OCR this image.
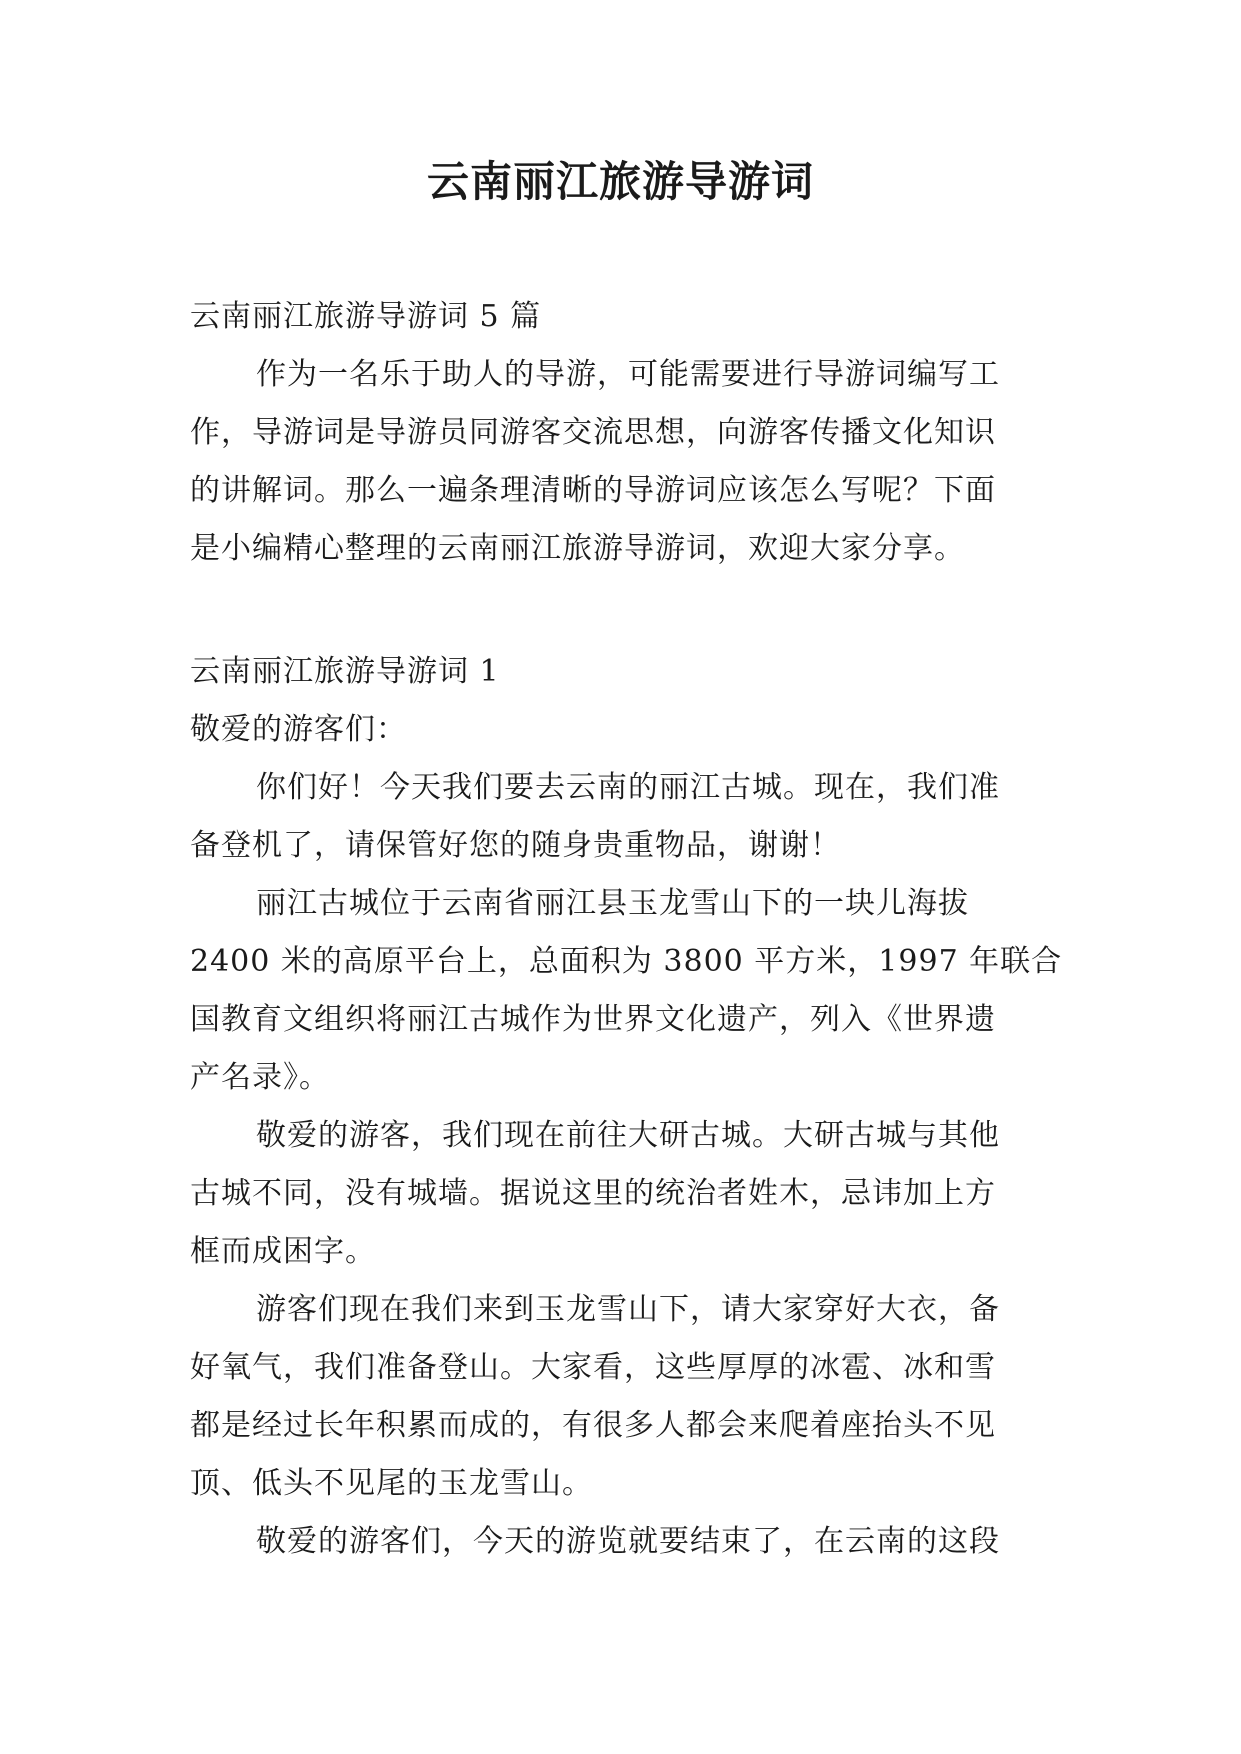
云南丽江旅游导游词
云南丽江旅游导游词 5 篇
作为一名乐于助人的导游，可能需要进行导游词编写工
作，导游词是导游员同游客交流思想，向游客传播文化知识
的讲解词。那么一遍条理清晰的导游词应该怎么写呢？下面
是小编精心整理的云南丽江旅游导游词，欢迎大家分享。
云南丽江旅游导游词 1
敬爱的游客们：
你们好！今天我们要去云南的丽江古城。现在，我们准
备登机了，请保管好您的随身贵重物品，谢谢！
丽江古城位于云南省丽江县玉龙雪山下的一块儿海拔
2400 米的高原平台上，总面积为 3800 平方米，1997 年联合
国教育文组织将丽江古城作为世界文化遗产，列入《世界遗
产名录》。
敬爱的游客，我们现在前往大研古城。大研古城与其他
古城不同，没有城墙。据说这里的统治者姓木，忌讳加上方
框而成困字。
游客们现在我们来到玉龙雪山下，请大家穿好大衣，备
好氧气，我们准备登山。大家看，这些厚厚的冰雹、冰和雪
都是经过长年积累而成的，有很多人都会来爬着座抬头不见
顶、低头不见尾的玉龙雪山。
敬爱的游客们，今天的游览就要结束了，在云南的这段
